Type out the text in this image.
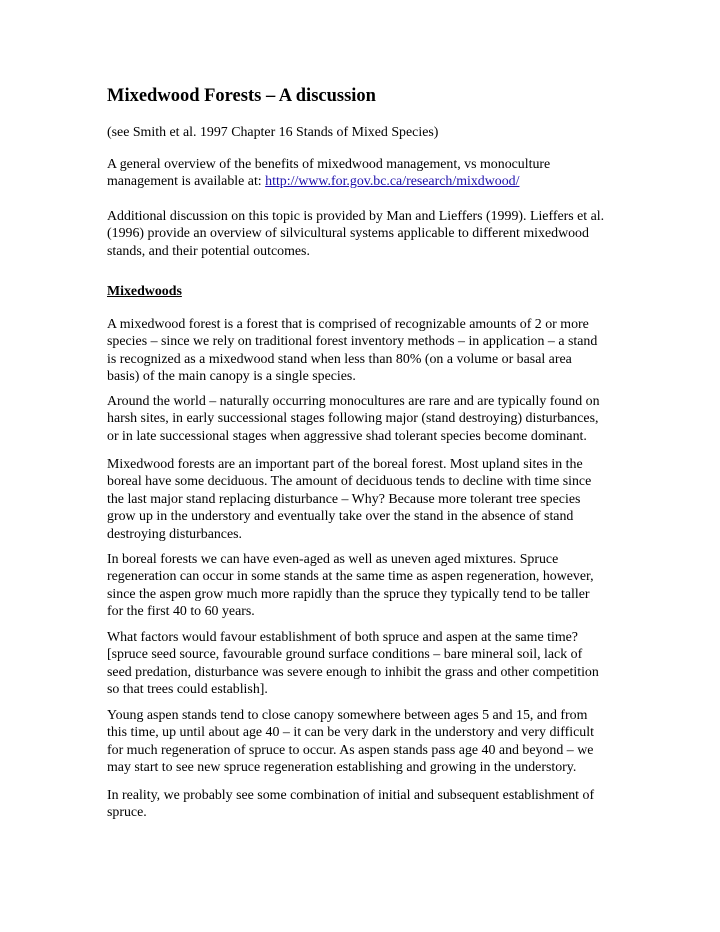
Mixedwood Forests – A discussion

(see Smith et al. 1997 Chapter 16 Stands of Mixed Species)

A general overview of the benefits of mixedwood management, vs monoculture
management is available at: http://www.for.gov.bc.ca/research/mixdwood/

Additional discussion on this topic is provided by Man and Lieffers (1999). Lieffers et al.
(1996) provide an overview of silvicultural systems applicable to different mixedwood
stands, and their potential outcomes.

Mixedwoods

A mixedwood forest is a forest that is comprised of recognizable amounts of 2 or more
species – since we rely on traditional forest inventory methods – in application – a stand
is recognized as a mixedwood stand when less than 80% (on a volume or basal area
basis) of the main canopy is a single species.

Around the world – naturally occurring monocultures are rare and are typically found on
harsh sites, in early successional stages following major (stand destroying) disturbances,
or in late successional stages when aggressive shad tolerant species become dominant.

Mixedwood forests are an important part of the boreal forest. Most upland sites in the
boreal have some deciduous. The amount of deciduous tends to decline with time since
the last major stand replacing disturbance – Why? Because more tolerant tree species
grow up in the understory and eventually take over the stand in the absence of stand
destroying disturbances.

In boreal forests we can have even-aged as well as uneven aged mixtures. Spruce
regeneration can occur in some stands at the same time as aspen regeneration, however,
since the aspen grow much more rapidly than the spruce they typically tend to be taller
for the first 40 to 60 years.

What factors would favour establishment of both spruce and aspen at the same time?
[spruce seed source, favourable ground surface conditions – bare mineral soil, lack of
seed predation, disturbance was severe enough to inhibit the grass and other competition
so that trees could establish].

Young aspen stands tend to close canopy somewhere between ages 5 and 15, and from
this time, up until about age 40 – it can be very dark in the understory and very difficult
for much regeneration of spruce to occur. As aspen stands pass age 40 and beyond – we
may start to see new spruce regeneration establishing and growing in the understory.

In reality, we probably see some combination of initial and subsequent establishment of
spruce.
